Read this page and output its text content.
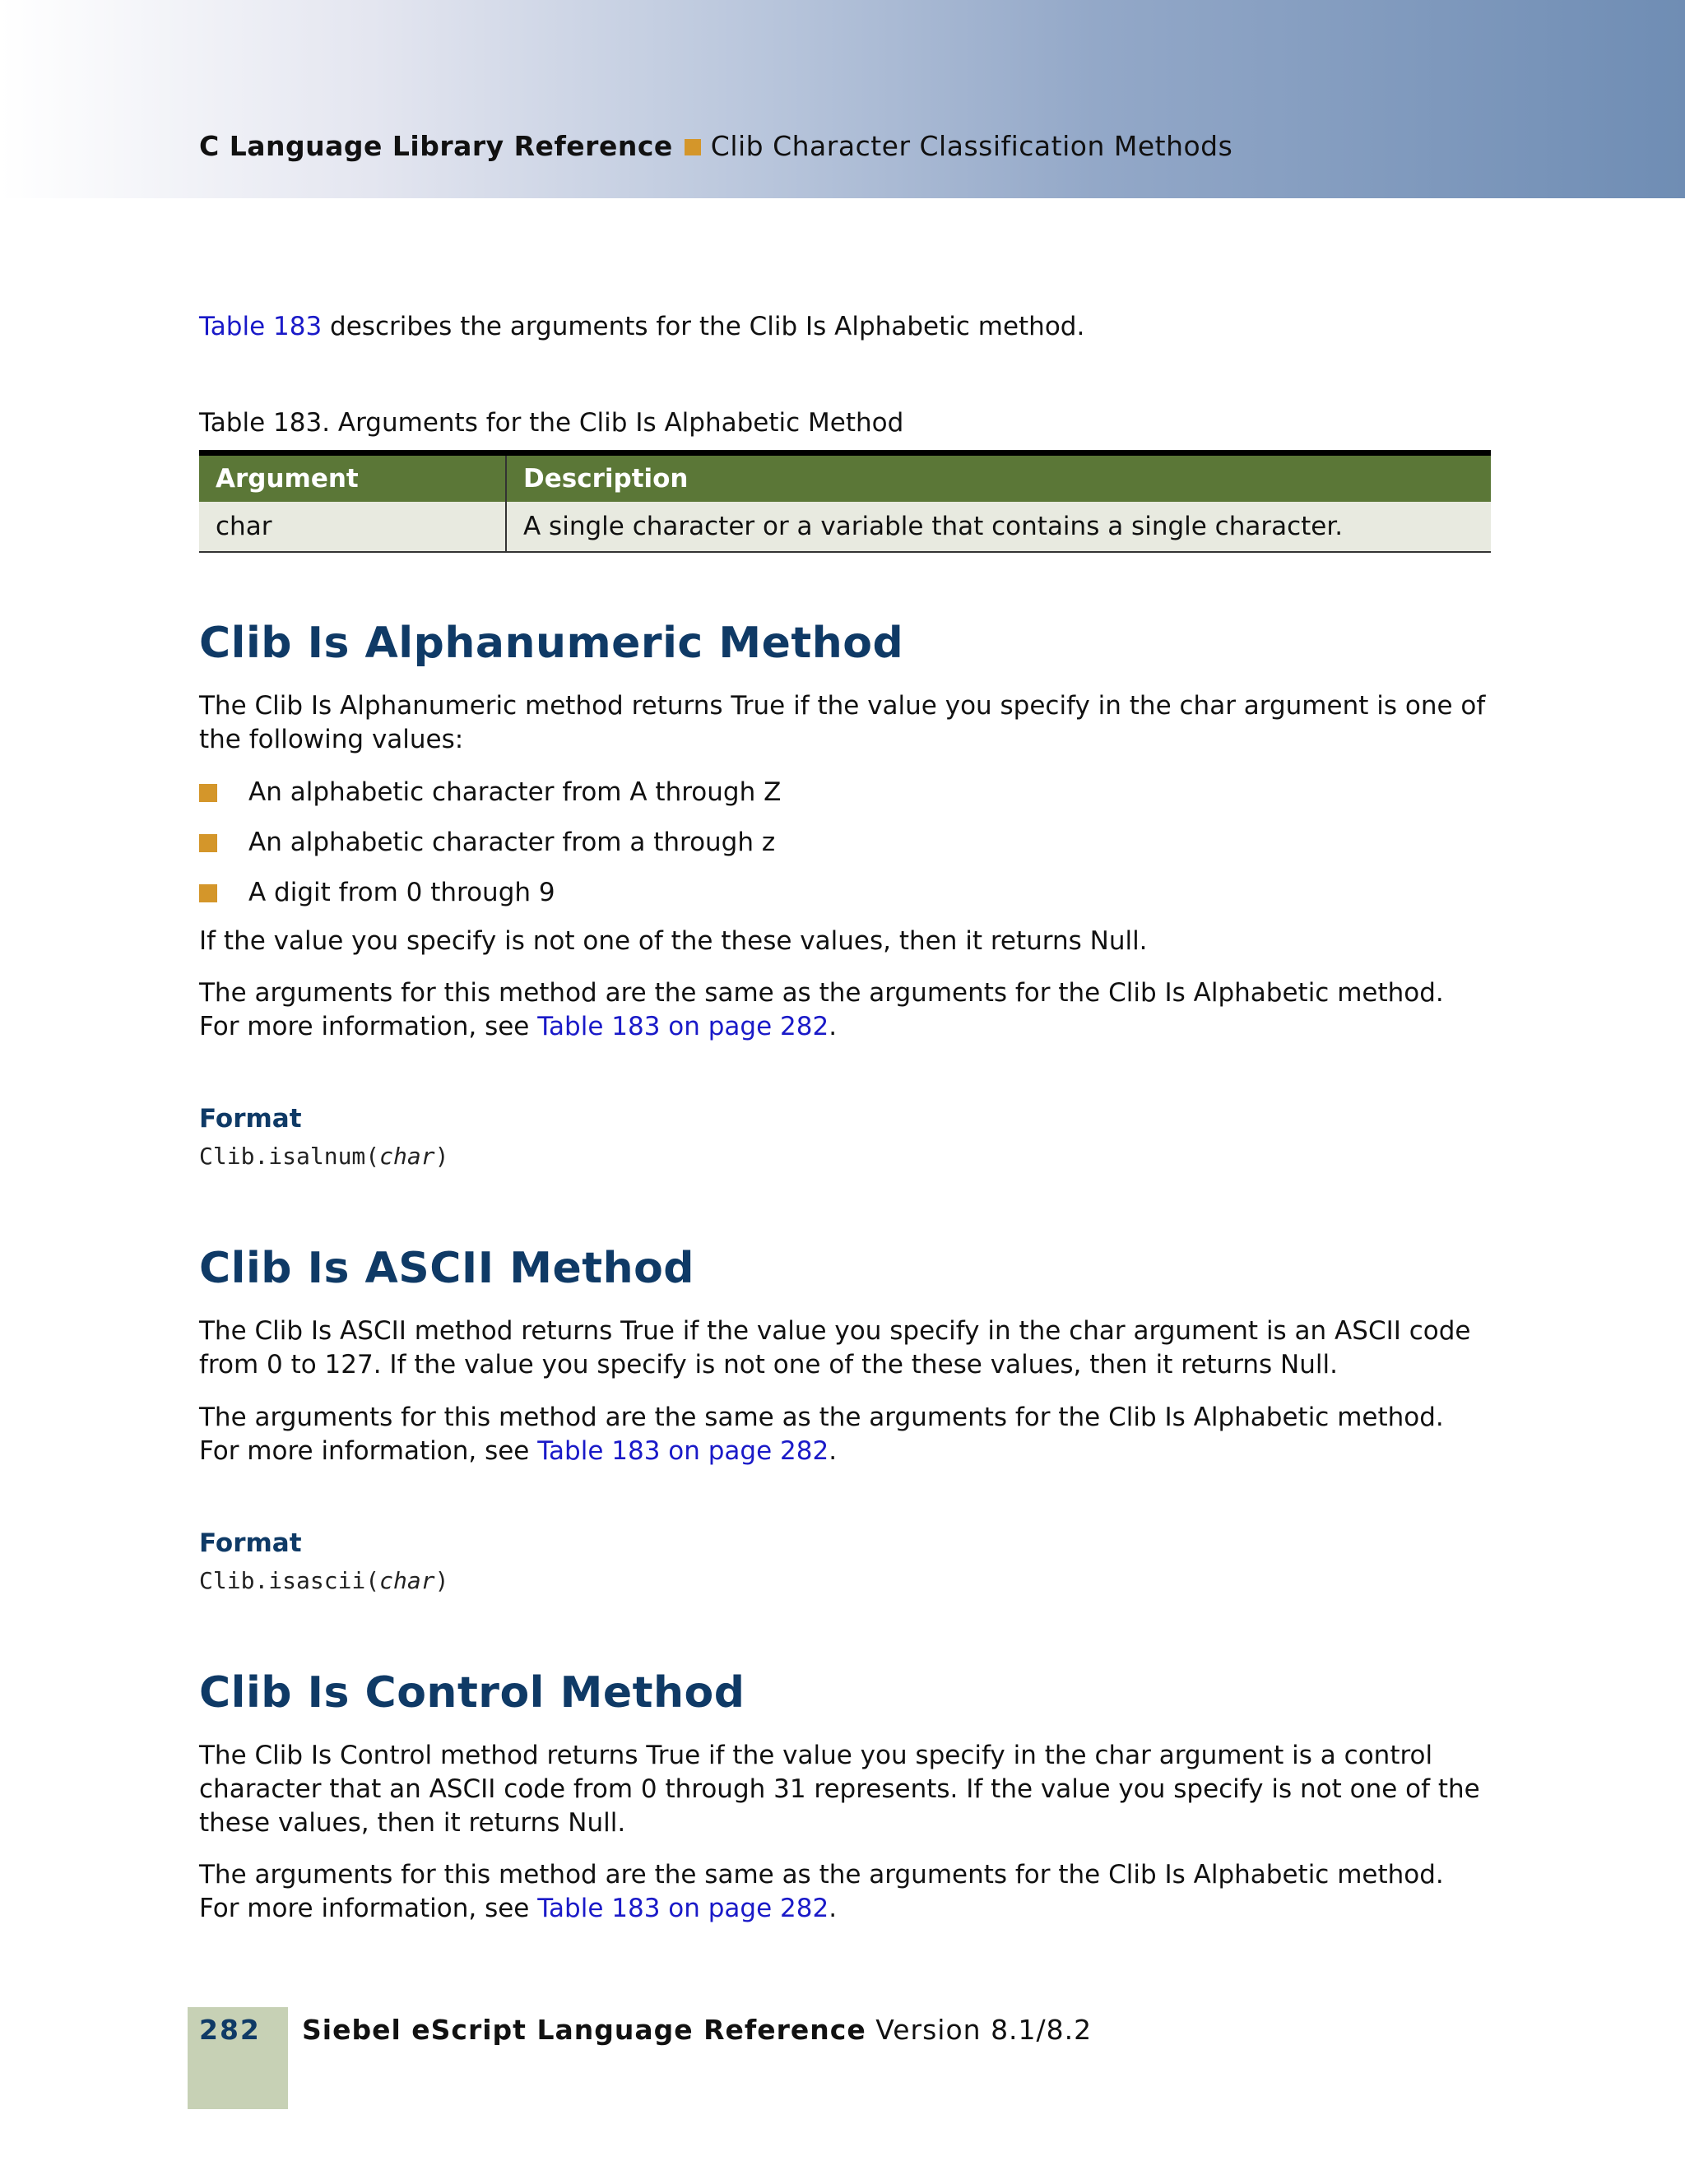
C Language Library Reference Clib Character Classification Methods

Table 183 describes the arguments for the Clib Is Alphabetic method.

Table 183. Arguments for the Clib Is Alphabetic Method

Argument	Description
char	A single character or a variable that contains a single character.
Clib Is Alphanumeric Method

The Clib Is Alphanumeric method returns True if the value you specify in the char argument is one of the following values:

An alphabetic character from A through Z
An alphabetic character from a through z
A digit from 0 through 9

If the value you specify is not one of the these values, then it returns Null.

The arguments for this method are the same as the arguments for the Clib Is Alphabetic method. For more information, see Table 183 on page 282.

Format

Clib.isalnum(char)
Clib Is ASCII Method

The Clib Is ASCII method returns True if the value you specify in the char argument is an ASCII code from 0 to 127. If the value you specify is not one of the these values, then it returns Null.

The arguments for this method are the same as the arguments for the Clib Is Alphabetic method. For more information, see Table 183 on page 282.

Format

Clib.isascii(char)
Clib Is Control Method

The Clib Is Control method returns True if the value you specify in the char argument is a control character that an ASCII code from 0 through 31 represents. If the value you specify is not one of the these values, then it returns Null.

The arguments for this method are the same as the arguments for the Clib Is Alphabetic method. For more information, see Table 183 on page 282.

282 Siebel eScript Language Reference Version 8.1/8.2
